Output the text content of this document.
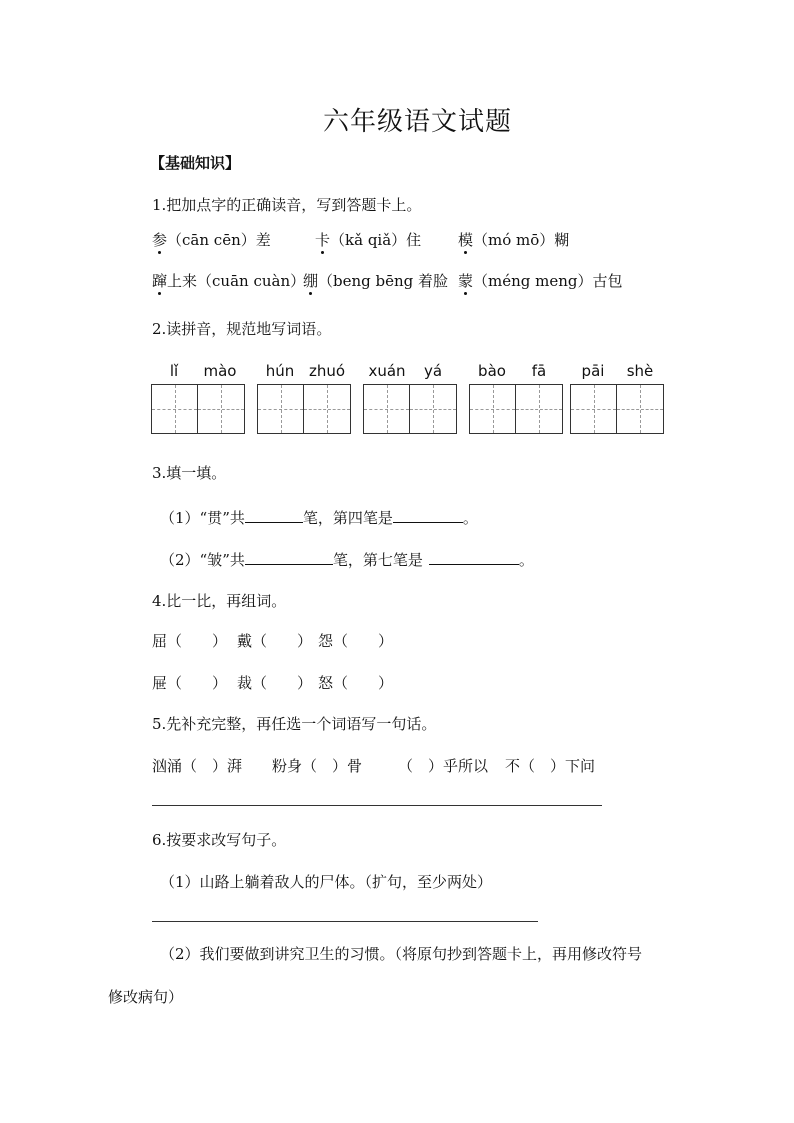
六年级语文试题
【基础知识】
1.把加点字的正确读音，写到答题卡上。
参（cān cēn）差	卡（kǎ qiǎ）住 模（mó mō）糊
蹿上来（cuān cuàn）
绷（beng bēng 着脸 蒙（méng meng）古包
2.读拼音，规范地写词语。
lǐ mào hún zhuó xuán yá bào fā pāi shè
3.填一填。
（1）“贯”共	笔，第四笔是	。
（2）“皱”共	笔，第七笔是	。
4.比一比，再组词。
屈（　　） 戴（　　） 怨（　　）
屉（　　） 裁（　　） 怒（　　）
5.先补充完整，再任选一个词语写一句话。
汹涌（　）湃 粉身（　）骨 （　）乎所以 不（　）下问
6.按要求改写句子。
（1）山路上躺着敌人的尸体。（扩句，至少两处）
（2）我们要做到讲究卫生的习惯。（将原句抄到答题卡上，再用修改符号
修改病句）
